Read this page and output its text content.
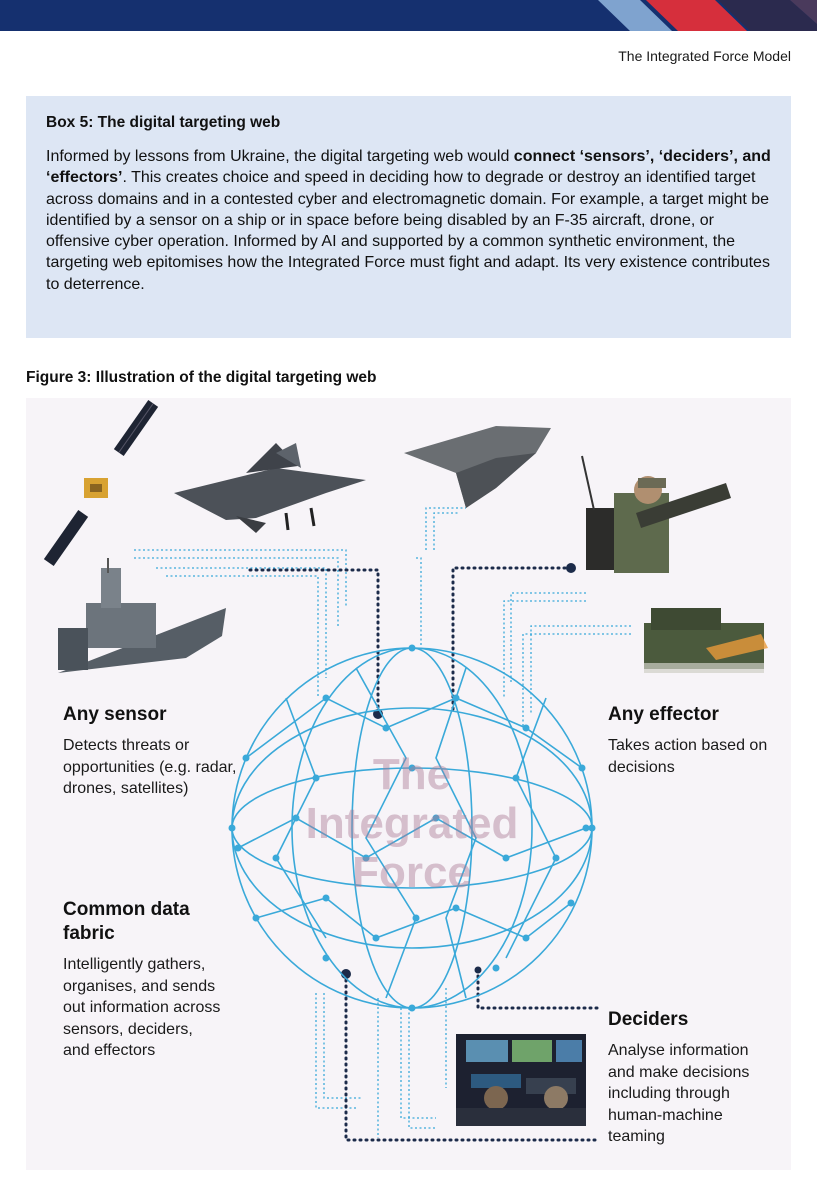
The Integrated Force Model
Box 5: The digital targeting web

Informed by lessons from Ukraine, the digital targeting web would connect ‘sensors’, ‘deciders’, and ‘effectors’. This creates choice and speed in deciding how to degrade or destroy an identified target across domains and in a contested cyber and electromagnetic domain. For example, a target might be identified by a sensor on a ship or in space before being disabled by an F-35 aircraft, drone, or offensive cyber operation. Informed by AI and supported by a common synthetic environment, the targeting web epitomises how the Integrated Force must fight and adapt. Its very existence contributes to deterrence.

Figure 3: Illustration of the digital targeting web
The
Integrated
Force
Any sensor

Detects threats or opportunities (e.g. radar, drones, satellites)

Any effector

Takes action based on decisions

Common data fabric

Intelligently gathers, organises, and sends out information across sensors, deciders, and effectors

Deciders

Analyse information and make decisions including through human-machine teaming
